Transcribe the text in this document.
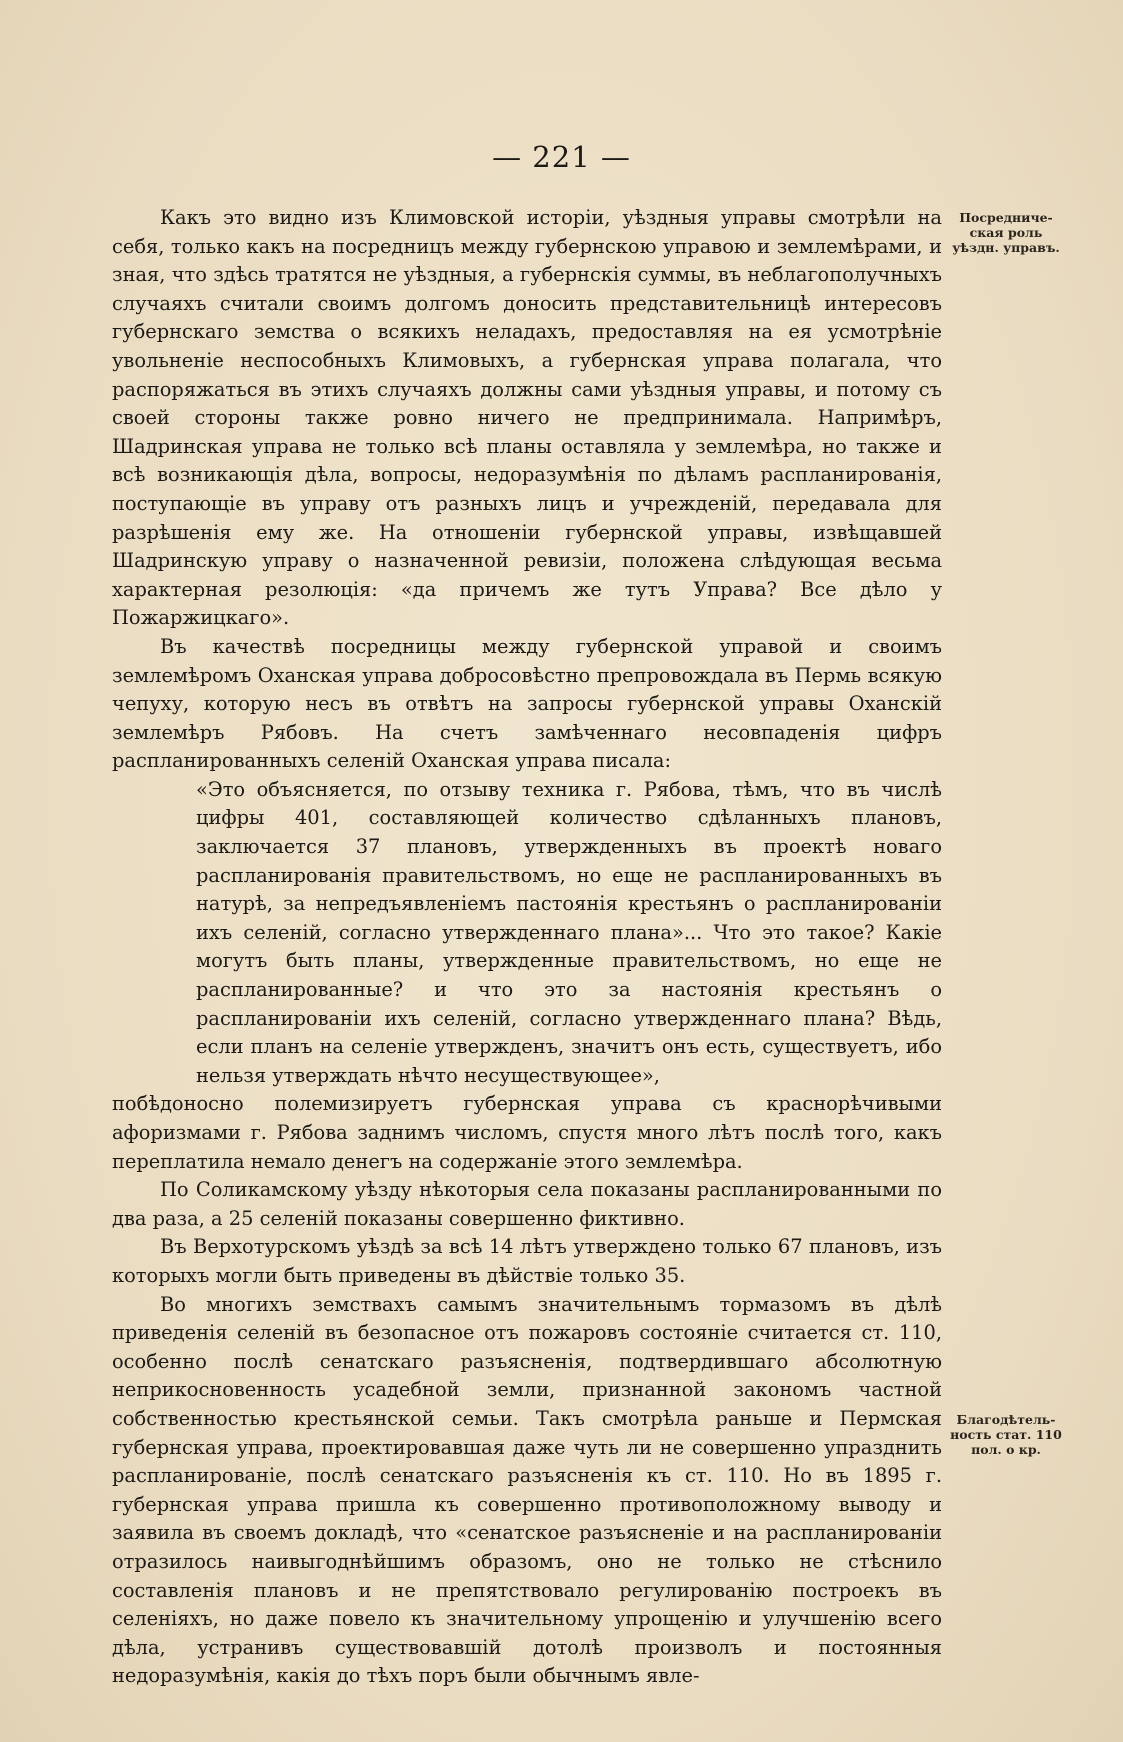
— 221 —
Посредниче-ская роль уѣздн. управъ.
Благодѣтель-ность стат. 110 пол. о кр.

Какъ это видно изъ Климовской исторіи, уѣздныя управы смотрѣли на себя, только какъ на посредницъ между губернскою управою и землемѣрами, и зная, что здѣсь тратятся не уѣздныя, а губернскія суммы, въ неблагополучныхъ случаяхъ считали своимъ долгомъ доносить представительницѣ интересовъ губернскаго земства о всякихъ неладахъ, предоставляя на ея усмотрѣніе увольненіе неспособныхъ Климовыхъ, а губернская управа полагала, что распоряжаться въ этихъ случаяхъ должны сами уѣздныя управы, и потому съ своей стороны также ровно ничего не предпринимала. Напримѣръ, Шадринская управа не только всѣ планы оставляла у землемѣра, но также и всѣ возникающія дѣла, вопросы, недоразумѣнія по дѣламъ распланированія, поступающіе въ управу отъ разныхъ лицъ и учрежденій, передавала для разрѣшенія ему же. На отношеніи губернской управы, извѣщавшей Шадринскую управу о назначенной ревизіи, положена слѣдующая весьма характерная резолюція: «да причемъ же тутъ Управа? Все дѣло у Пожаржицкаго».

Въ качествѣ посредницы между губернской управой и своимъ землемѣромъ Оханская управа добросовѣстно препровождала въ Пермь всякую чепуху, которую несъ въ отвѣтъ на запросы губернской управы Оханскій землемѣръ Рябовъ. На счетъ замѣченнаго несовпаденія цифръ распланированныхъ селеній Оханская управа писала:

«Это объясняется, по отзыву техника г. Рябова, тѣмъ, что въ числѣ цифры 401, составляющей количество сдѣланныхъ плановъ, заключается 37 плановъ, утвержденныхъ въ проектѣ новаго распланированія правительствомъ, но еще не распланированныхъ въ натурѣ, за непредъявленіемъ пастоянія крестьянъ о распланированіи ихъ селеній, согласно утвержденнаго плана»... Что это такое? Какіе могутъ быть планы, утвержденные правительствомъ, но еще не распланированные? и что это за настоянія крестьянъ о распланированіи ихъ селеній, согласно утвержденнаго плана? Вѣдь, если планъ на селеніе утвержденъ, значитъ онъ есть, существуетъ, ибо нельзя утверждать нѣчто несуществующее»,

побѣдоносно полемизируетъ губернская управа съ краснорѣчивыми афоризмами г. Рябова заднимъ числомъ, спустя много лѣтъ послѣ того, какъ переплатила немало денегъ на содержаніе этого землемѣра.

По Соликамскому уѣзду нѣкоторыя села показаны распланированными по два раза, а 25 селеній показаны совершенно фиктивно.

Въ Верхотурскомъ уѣздѣ за всѣ 14 лѣтъ утверждено только 67 плановъ, изъ которыхъ могли быть приведены въ дѣйствіе только 35.

Во многихъ земствахъ самымъ значительнымъ тормазомъ въ дѣлѣ приведенія селеній въ безопасное отъ пожаровъ состояніе считается ст. 110, особенно послѣ сенатскаго разъясненія, подтвердившаго абсолютную неприкосновенность усадебной земли, признанной закономъ частной собственностью крестьянской семьи. Такъ смотрѣла раньше и Пермская губернская управа, проектировавшая даже чуть ли не совершенно упразднить распланированіе, послѣ сенатскаго разъясненія къ ст. 110. Но въ 1895 г. губернская управа пришла къ совершенно противоположному выводу и заявила въ своемъ докладѣ, что «сенатское разъясненіе и на распланированіи отразилось наивыгоднѣйшимъ образомъ, оно не только не стѣснило составленія плановъ и не препятствовало регулированію построекъ въ селеніяхъ, но даже повело къ значительному упрощенію и улучшенію всего дѣла, устранивъ существовавшій дотолѣ произволъ и постоянныя недоразумѣнія, какія до тѣхъ поръ были обычнымъ явле-
